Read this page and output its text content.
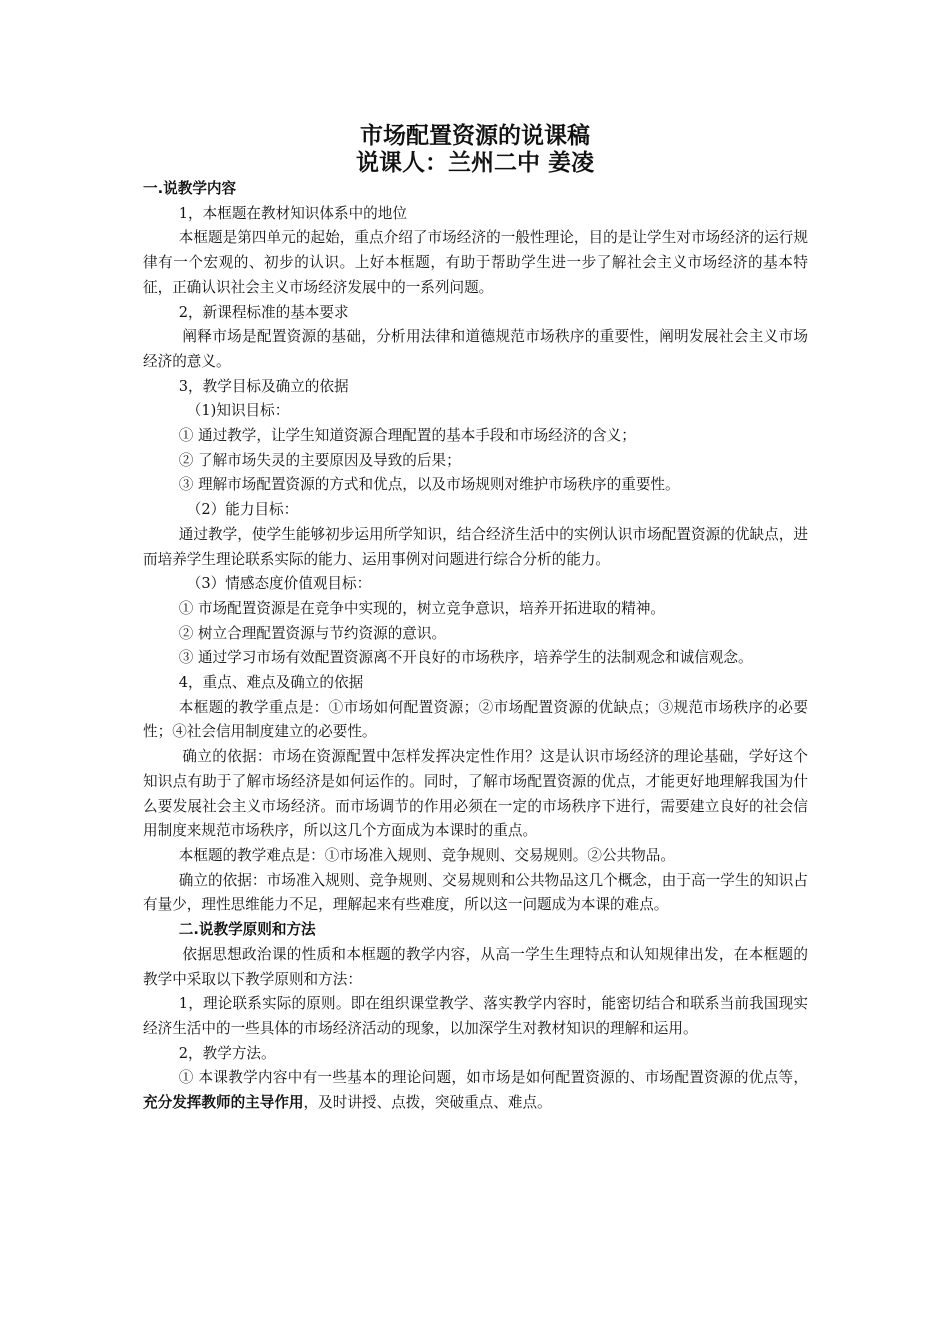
市场配置资源的说课稿

说课人：兰州二中 姜凌

一.说教学内容

1，本框题在教材知识体系中的地位

本框题是第四单元的起始，重点介绍了市场经济的一般性理论，目的是让学生对市场经济的运行规律有一个宏观的、初步的认识。上好本框题，有助于帮助学生进一步了解社会主义市场经济的基本特征，正确认识社会主义市场经济发展中的一系列问题。

2，新课程标准的基本要求

阐释市场是配置资源的基础，分析用法律和道德规范市场秩序的重要性，阐明发展社会主义市场经济的意义。

3，教学目标及确立的依据

（1)知识目标：

① 通过教学，让学生知道资源合理配置的基本手段和市场经济的含义；

② 了解市场失灵的主要原因及导致的后果；

③ 理解市场配置资源的方式和优点，以及市场规则对维护市场秩序的重要性。

（2）能力目标：

通过教学，使学生能够初步运用所学知识，结合经济生活中的实例认识市场配置资源的优缺点，进而培养学生理论联系实际的能力、运用事例对问题进行综合分析的能力。

（3）情感态度价值观目标：

① 市场配置资源是在竞争中实现的，树立竞争意识，培养开拓进取的精神。

② 树立合理配置资源与节约资源的意识。

③ 通过学习市场有效配置资源离不开良好的市场秩序，培养学生的法制观念和诚信观念。

4，重点、难点及确立的依据

本框题的教学重点是：①市场如何配置资源；②市场配置资源的优缺点；③规范市场秩序的必要性；④社会信用制度建立的必要性。

确立的依据：市场在资源配置中怎样发挥决定性作用？这是认识市场经济的理论基础，学好这个知识点有助于了解市场经济是如何运作的。同时，了解市场配置资源的优点，才能更好地理解我国为什么要发展社会主义市场经济。而市场调节的作用必须在一定的市场秩序下进行，需要建立良好的社会信用制度来规范市场秩序，所以这几个方面成为本课时的重点。

本框题的教学难点是：①市场准入规则、竞争规则、交易规则。②公共物品。

确立的依据：市场准入规则、竞争规则、交易规则和公共物品这几个概念，由于高一学生的知识占有量少，理性思维能力不足，理解起来有些难度，所以这一问题成为本课的难点。

二.说教学原则和方法

依据思想政治课的性质和本框题的教学内容，从高一学生生理特点和认知规律出发，在本框题的教学中采取以下教学原则和方法：

1，理论联系实际的原则。即在组织课堂教学、落实教学内容时，能密切结合和联系当前我国现实经济生活中的一些具体的市场经济活动的现象，以加深学生对教材知识的理解和运用。

2，教学方法。

① 本课教学内容中有一些基本的理论问题，如市场是如何配置资源的、市场配置资源的优点等，充分发挥教师的主导作用，及时讲授、点拨，突破重点、难点。
